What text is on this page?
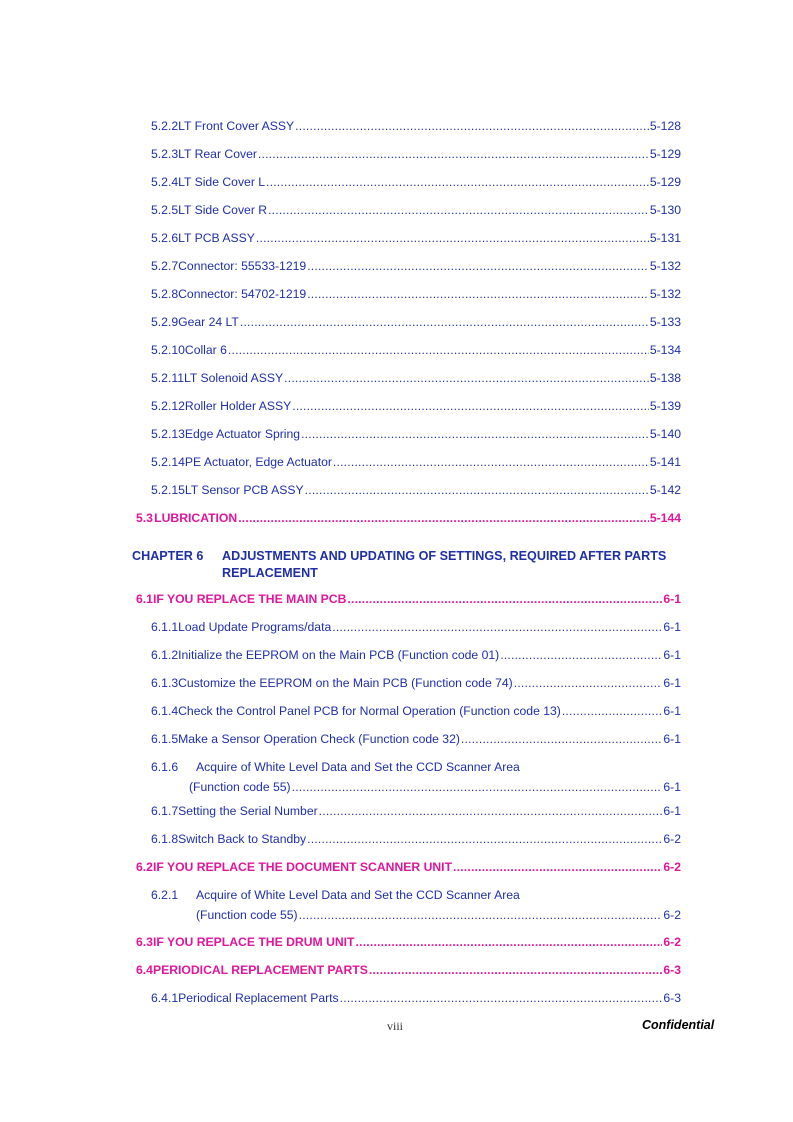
5.2.2 LT Front Cover ASSY .....	5-128
5.2.3 LT Rear Cover .....	5-129
5.2.4 LT Side Cover L .....	5-129
5.2.5 LT Side Cover R .....	5-130
5.2.6 LT PCB ASSY .....	5-131
5.2.7 Connector: 55533-1219 .....	5-132
5.2.8 Connector: 54702-1219 .....	5-132
5.2.9 Gear 24 LT .....	5-133
5.2.10 Collar 6 .....	5-134
5.2.11 LT Solenoid ASSY .....	5-138
5.2.12 Roller Holder ASSY .....	5-139
5.2.13 Edge Actuator Spring .....	5-140
5.2.14 PE Actuator, Edge Actuator .....	5-141
5.2.15 LT Sensor PCB ASSY .....	5-142
5.3 LUBRICATION .....	5-144
CHAPTER 6 ADJUSTMENTS AND UPDATING OF SETTINGS, REQUIRED AFTER PARTS
REPLACEMENT
6.1 IF YOU REPLACE THE MAIN PCB .....	6-1
6.1.1 Load Update Programs/data .....	6-1
6.1.2 Initialize the EEPROM on the Main PCB (Function code 01) .....	6-1
6.1.3 Customize the EEPROM on the Main PCB (Function code 74) .....	6-1
6.1.4 Check the Control Panel PCB for Normal Operation (Function code 13) .....	6-1
6.1.5 Make a Sensor Operation Check (Function code 32) .....	6-1
6.1.6	Acquire of White Level Data and Set the CCD Scanner Area
(Function code 55) .....	6-1
6.1.7 Setting the Serial Number .....	6-1
6.1.8 Switch Back to Standby .....	6-2
6.2 IF YOU REPLACE THE DOCUMENT SCANNER UNIT .....	6-2
6.2.1	Acquire of White Level Data and Set the CCD Scanner Area
(Function code 55) .....	6-2
6.3 IF YOU REPLACE THE DRUM UNIT .....	6-2
6.4 PERIODICAL REPLACEMENT PARTS .....	6-3
6.4.1 Periodical Replacement Parts .....	6-3
viii	Confidential
